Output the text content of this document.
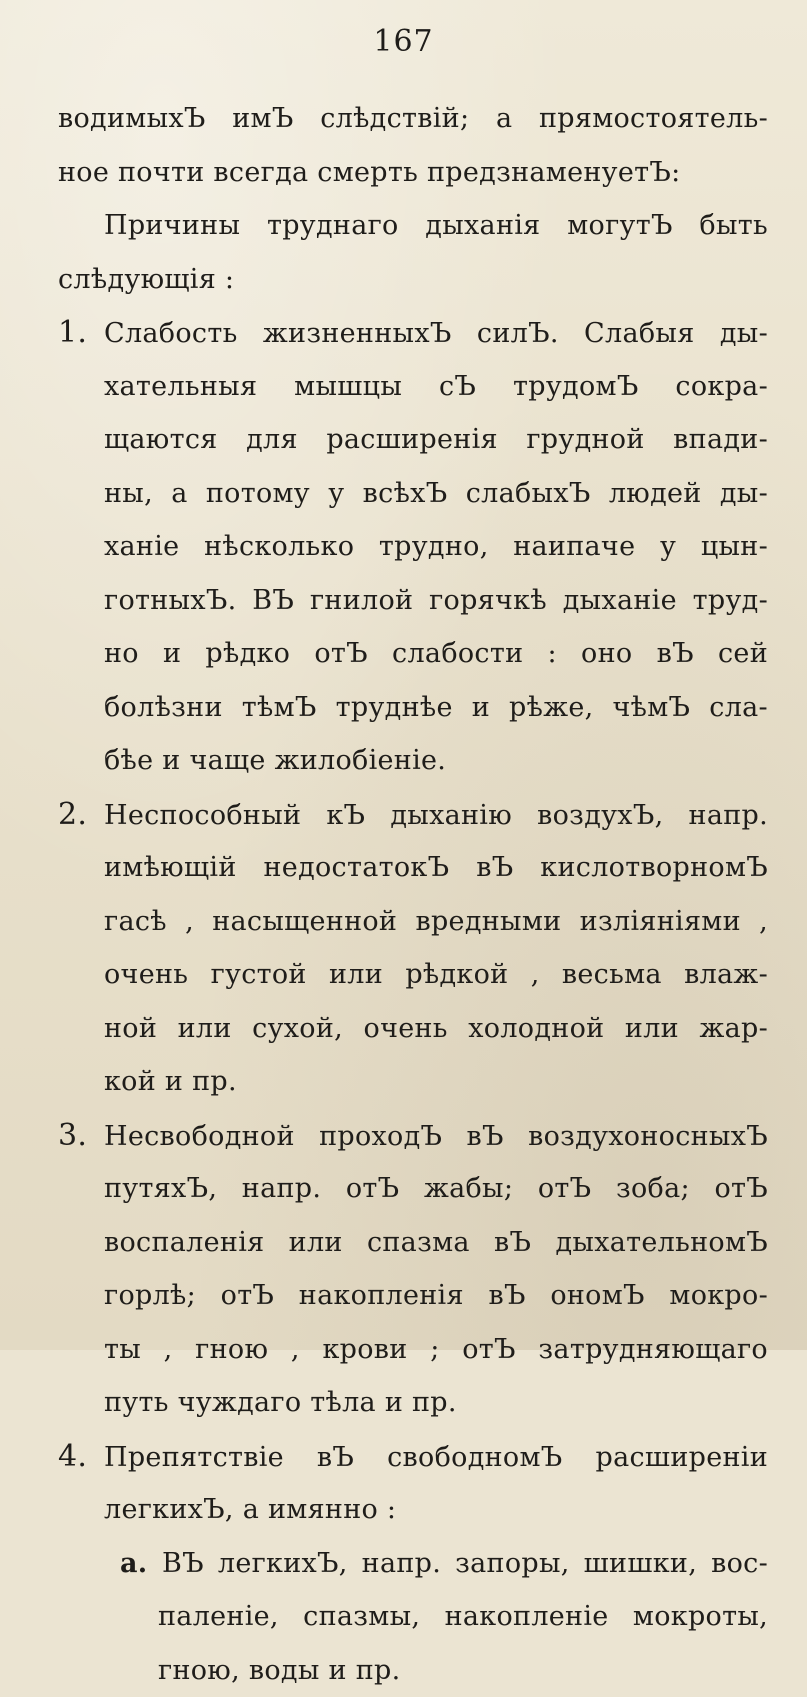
167
водимыхЪ имЪ слѣдствій; а прямостоятель-
ное почти всегда смерть предзнаменуетЪ:
Причины труднаго дыханія могутЪ быть
слѣдующія :
1. Слабость жизненныхЪ силЪ. Слабыя ды-
хательныя мышцы сЪ трудомЪ сокра-
щаются для расширенія грудной впади-
ны, а потому у всѣхЪ слабыхЪ людей ды-
ханіе нѣсколько трудно, наипаче у цын-
готныхЪ. ВЪ гнилой горячкѣ дыханіе труд-
но и рѣдко отЪ слабости : оно вЪ сей
болѣзни тѣмЪ труднѣе и рѣже, чѣмЪ сла-
бѣе и чаще жилобіеніе.
2. Неспособный кЪ дыханію воздухЪ, напр.
имѣющій недостатокЪ вЪ кислотворномЪ
гасѣ , насыщенной вредными изліяніями ,
очень густой или рѣдкой , весьма влаж-
ной или сухой, очень холодной или жар-
кой и пр.
3. Несвободной проходЪ вЪ воздухоносныхЪ
путяхЪ, напр. отЪ жабы; отЪ зоба; отЪ
воспаленія или спазма вЪ дыхательномЪ
горлѣ; отЪ накопленія вЪ ономЪ мокро-
ты , гною , крови ; отЪ затрудняющаго
путь чуждаго тѣла и пр.
4. Препятствіе вЪ свободномЪ расширеніи
легкихЪ, а имянно :
a. ВЪ легкихЪ, напр. запоры, шишки, вос-
паленіе, спазмы, накопленіе мокроты,
гною, воды и пр.
